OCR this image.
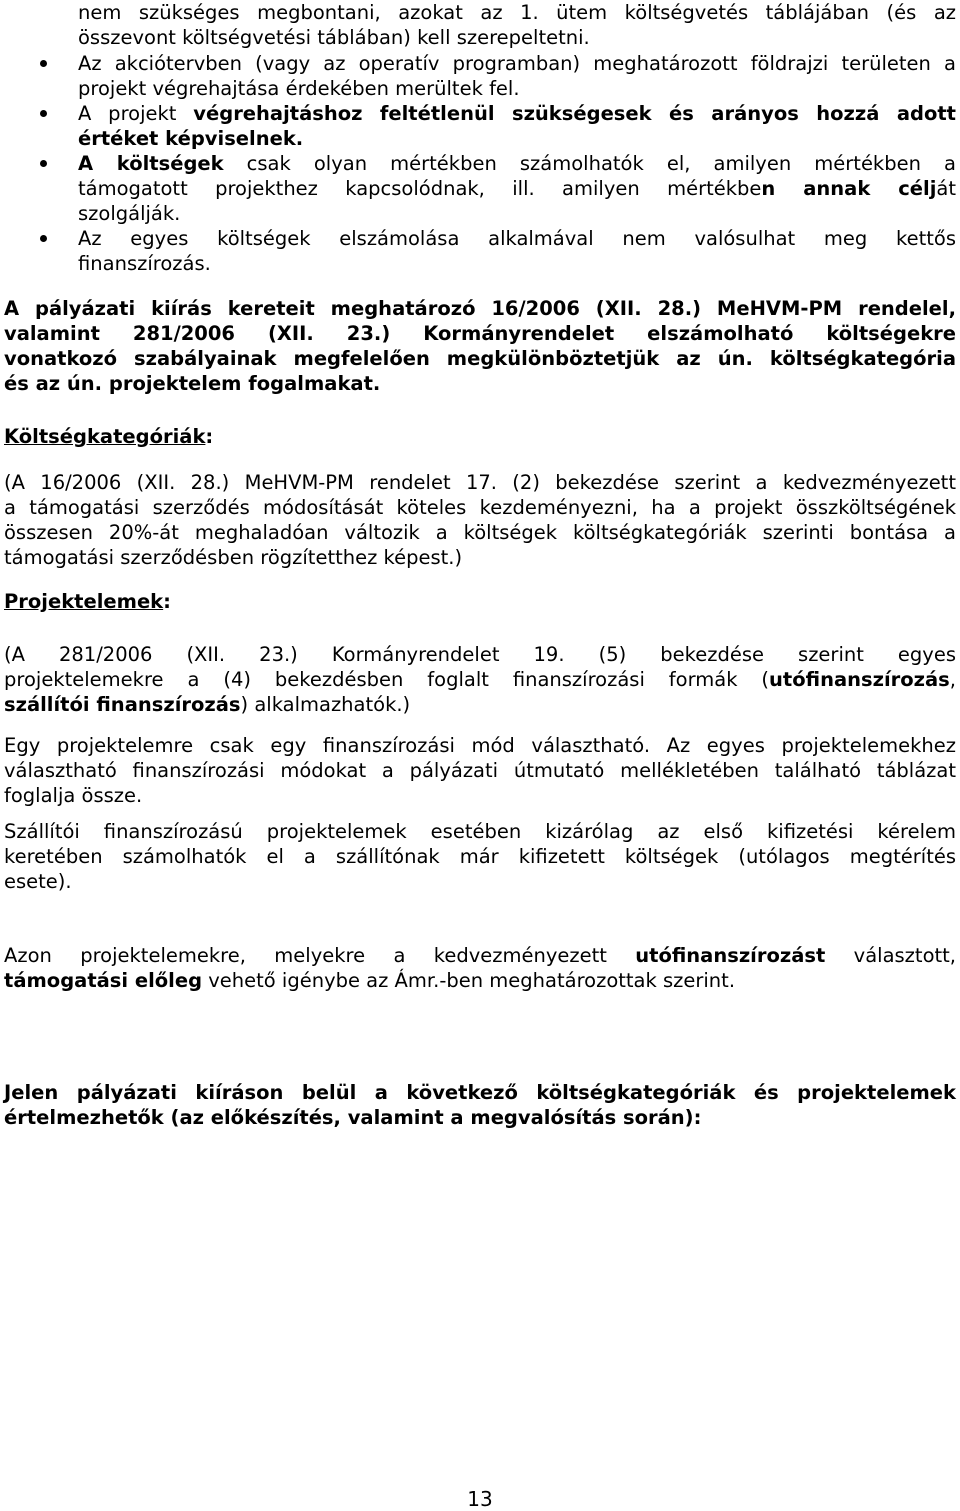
nem szükséges megbontani, azokat az 1. ütem költségvetés táblájában (és az
összevont költségvetési táblában) kell szerepeltetni.
Az akciótervben (vagy az operatív programban) meghatározott földrajzi területen a
projekt végrehajtása érdekében merültek fel.
A projekt végrehajtáshoz feltétlenül szükségesek és arányos hozzá adott
értéket képviselnek.
A költségek csak olyan mértékben számolhatók el, amilyen mértékben a
támogatott projekthez kapcsolódnak, ill. amilyen mértékben annak célját
szolgálják.
Az egyes költségek elszámolása alkalmával nem valósulhat meg kettős
finanszírozás.
A pályázati kiírás kereteit meghatározó 16/2006 (XII. 28.) MeHVM-PM rendelel,
valamint 281/2006 (XII. 23.) Kormányrendelet elszámolható költségekre
vonatkozó szabályainak megfelelően megkülönböztetjük az ún. költségkategória
és az ún. projektelem fogalmakat.
Költségkategóriák:
(A 16/2006 (XII. 28.) MeHVM-PM rendelet 17. (2) bekezdése szerint a kedvezményezett
a támogatási szerződés módosítását köteles kezdeményezni, ha a projekt összköltségének
összesen 20%-át meghaladóan változik a költségek költségkategóriák szerinti bontása a
támogatási szerződésben rögzítetthez képest.)
Projektelemek:
(A 281/2006 (XII. 23.) Kormányrendelet 19. (5) bekezdése szerint egyes
projektelemekre a (4) bekezdésben foglalt finanszírozási formák (utófinanszírozás,
szállítói finanszírozás) alkalmazhatók.)
Egy projektelemre csak egy finanszírozási mód választható. Az egyes projektelemekhez
választható finanszírozási módokat a pályázati útmutató mellékletében található táblázat
foglalja össze.
Szállítói finanszírozású projektelemek esetében kizárólag az első kifizetési kérelem
keretében számolhatók el a szállítónak már kifizetett költségek (utólagos megtérítés
esete).
Azon projektelemekre, melyekre a kedvezményezett utófinanszírozást választott,
támogatási előleg vehető igénybe az Ámr.-ben meghatározottak szerint.
Jelen pályázati kiíráson belül a következő költségkategóriák és projektelemek
értelmezhetők (az előkészítés, valamint a megvalósítás során):
13
